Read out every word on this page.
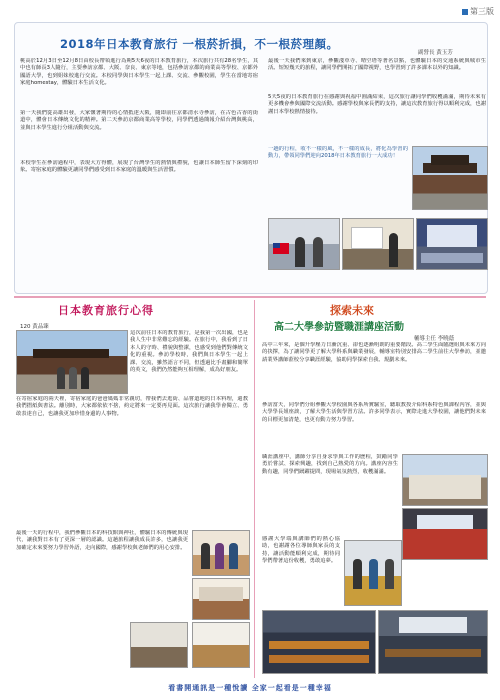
第三版
2018年日本教育旅行 一根菸折損，不一根菸理顏。
副營長 黃玉芳
桃高於12月3日至12月8日由校長帶領進行為期5天6夜的日本教育旅行，本次旅行共有28名學生，其中也有師長3人隨行，主要參訪京都、大阪、奈良、東京等地，包括參訪京都的商業高等學校、京都外國語大學，也到姐妹校進行交流。本校同學與日本學生一起上課、交流、參觀校園，學生在當地寄宿家庭homestay，體驗日本生活文化。
第一天我們從高雄出發，大家懷著期待的心情抵達大阪，隨即前往京都清水寺參訪，在古色古香的街道中，體會日本傳統文化的精神。第二天參訪京都商業高等學校，同學們透過簡報介紹台灣與桃高，並與日本學生進行分組活動與交流。
本校學生在參訪過程中，表現大方得體，展現了台灣學生的熱情與禮貌，也讓日本師生留下深刻的印象。寄宿家庭的體驗更讓同學們感受到日本家庭的溫暖與生活習慣。
最後一天我們來到東京，參觀淺草寺、晴空塔等著名景點，也體驗日本的交通系統與城市生活。短短幾天的旅程，讓同學們開拓了國際視野，也學習到了許多課本以外的知識。
5天5夜的日本教育旅行在感謝與祝福中圓滿結束，這次旅行讓同學們收穫滿滿，期待未來有更多機會參與國際交流活動。感謝學校與家長們的支持，讓這次教育旅行得以順利完成，也謝謝日本學校熱情接待。
一趟的行程，收不一樣的風，不一樣的成長，將化為學習的動力，帶領同學們迎向2018年日本教育旅行一大成功！
日本教育旅行心得
120 黃品臻
這次前往日本的教育旅行，是我第一次出國，也是我人生中非常難忘的經驗。在旅行中，我看到了日本人的守時、禮貌與整潔，也感受到他們對傳統文化的重視。參訪學校時，我們與日本學生一起上課、交流，雖然語言不同，但透過比手畫腳和簡單的英文，我們仍然能夠互相理解，成為好朋友。
在寄宿家庭的兩天裡，寄宿家庭的爸爸媽媽非常親切，帶我們去逛街、品嘗道地的日本料理，還教我們摺紙與書法。離別時，大家都依依不捨，約定將來一定要再見面。這次旅行讓我學會獨立、勇敢表達自己，也讓我更加珍惜身邊的人事物。
最後一天的行程中，我們參觀日本的科技館與神社，體驗日本的傳統與現代，讓我對日本有了更深一層的認識。這趟旅程讓我成長許多，也讓我更加確定未來要努力學習外語，走向國際，感謝學校與老師們的用心安排。
探索未來
高二大學參訪暨職涯講座活動
輔導主任 李曉蔭
高中三年來，是個升學壓力日漸沉重、卻也逐漸明朗的重要階段。高二學生面臨選組與未來方向的抉擇，為了讓同學更了解大學科系與職業發展，輔導室特別安排高二學生前往大學參訪，並邀請業界講師蒞校分享職涯經驗，協助同學探索自我、規劃未來。
參訪當天，同學們分組參觀大學校園與各系所實驗室，聽取教授介紹科系特色與課程內容，並與大學學長姐座談，了解大學生活與學習方法。許多同學表示，實際走進大學校園，讓他們對未來的目標更加清楚，也更有動力努力學習。
職涯講座中，講師分享自身求學與工作的歷程，鼓勵同學勇於嘗試、探索興趣，找到自己熱愛的方向。講座內容生動有趣，同學們踴躍提問，現場氣氛熱烈，收穫滿滿。
感謝大學端與講師們的熱心協助，也謝謝各位導師與家長的支持，讓活動能順利完成，期待同學們帶著這份收穫，勇敢追夢。
看書開通訊是一種悅讀 全家一起看是一種幸福
